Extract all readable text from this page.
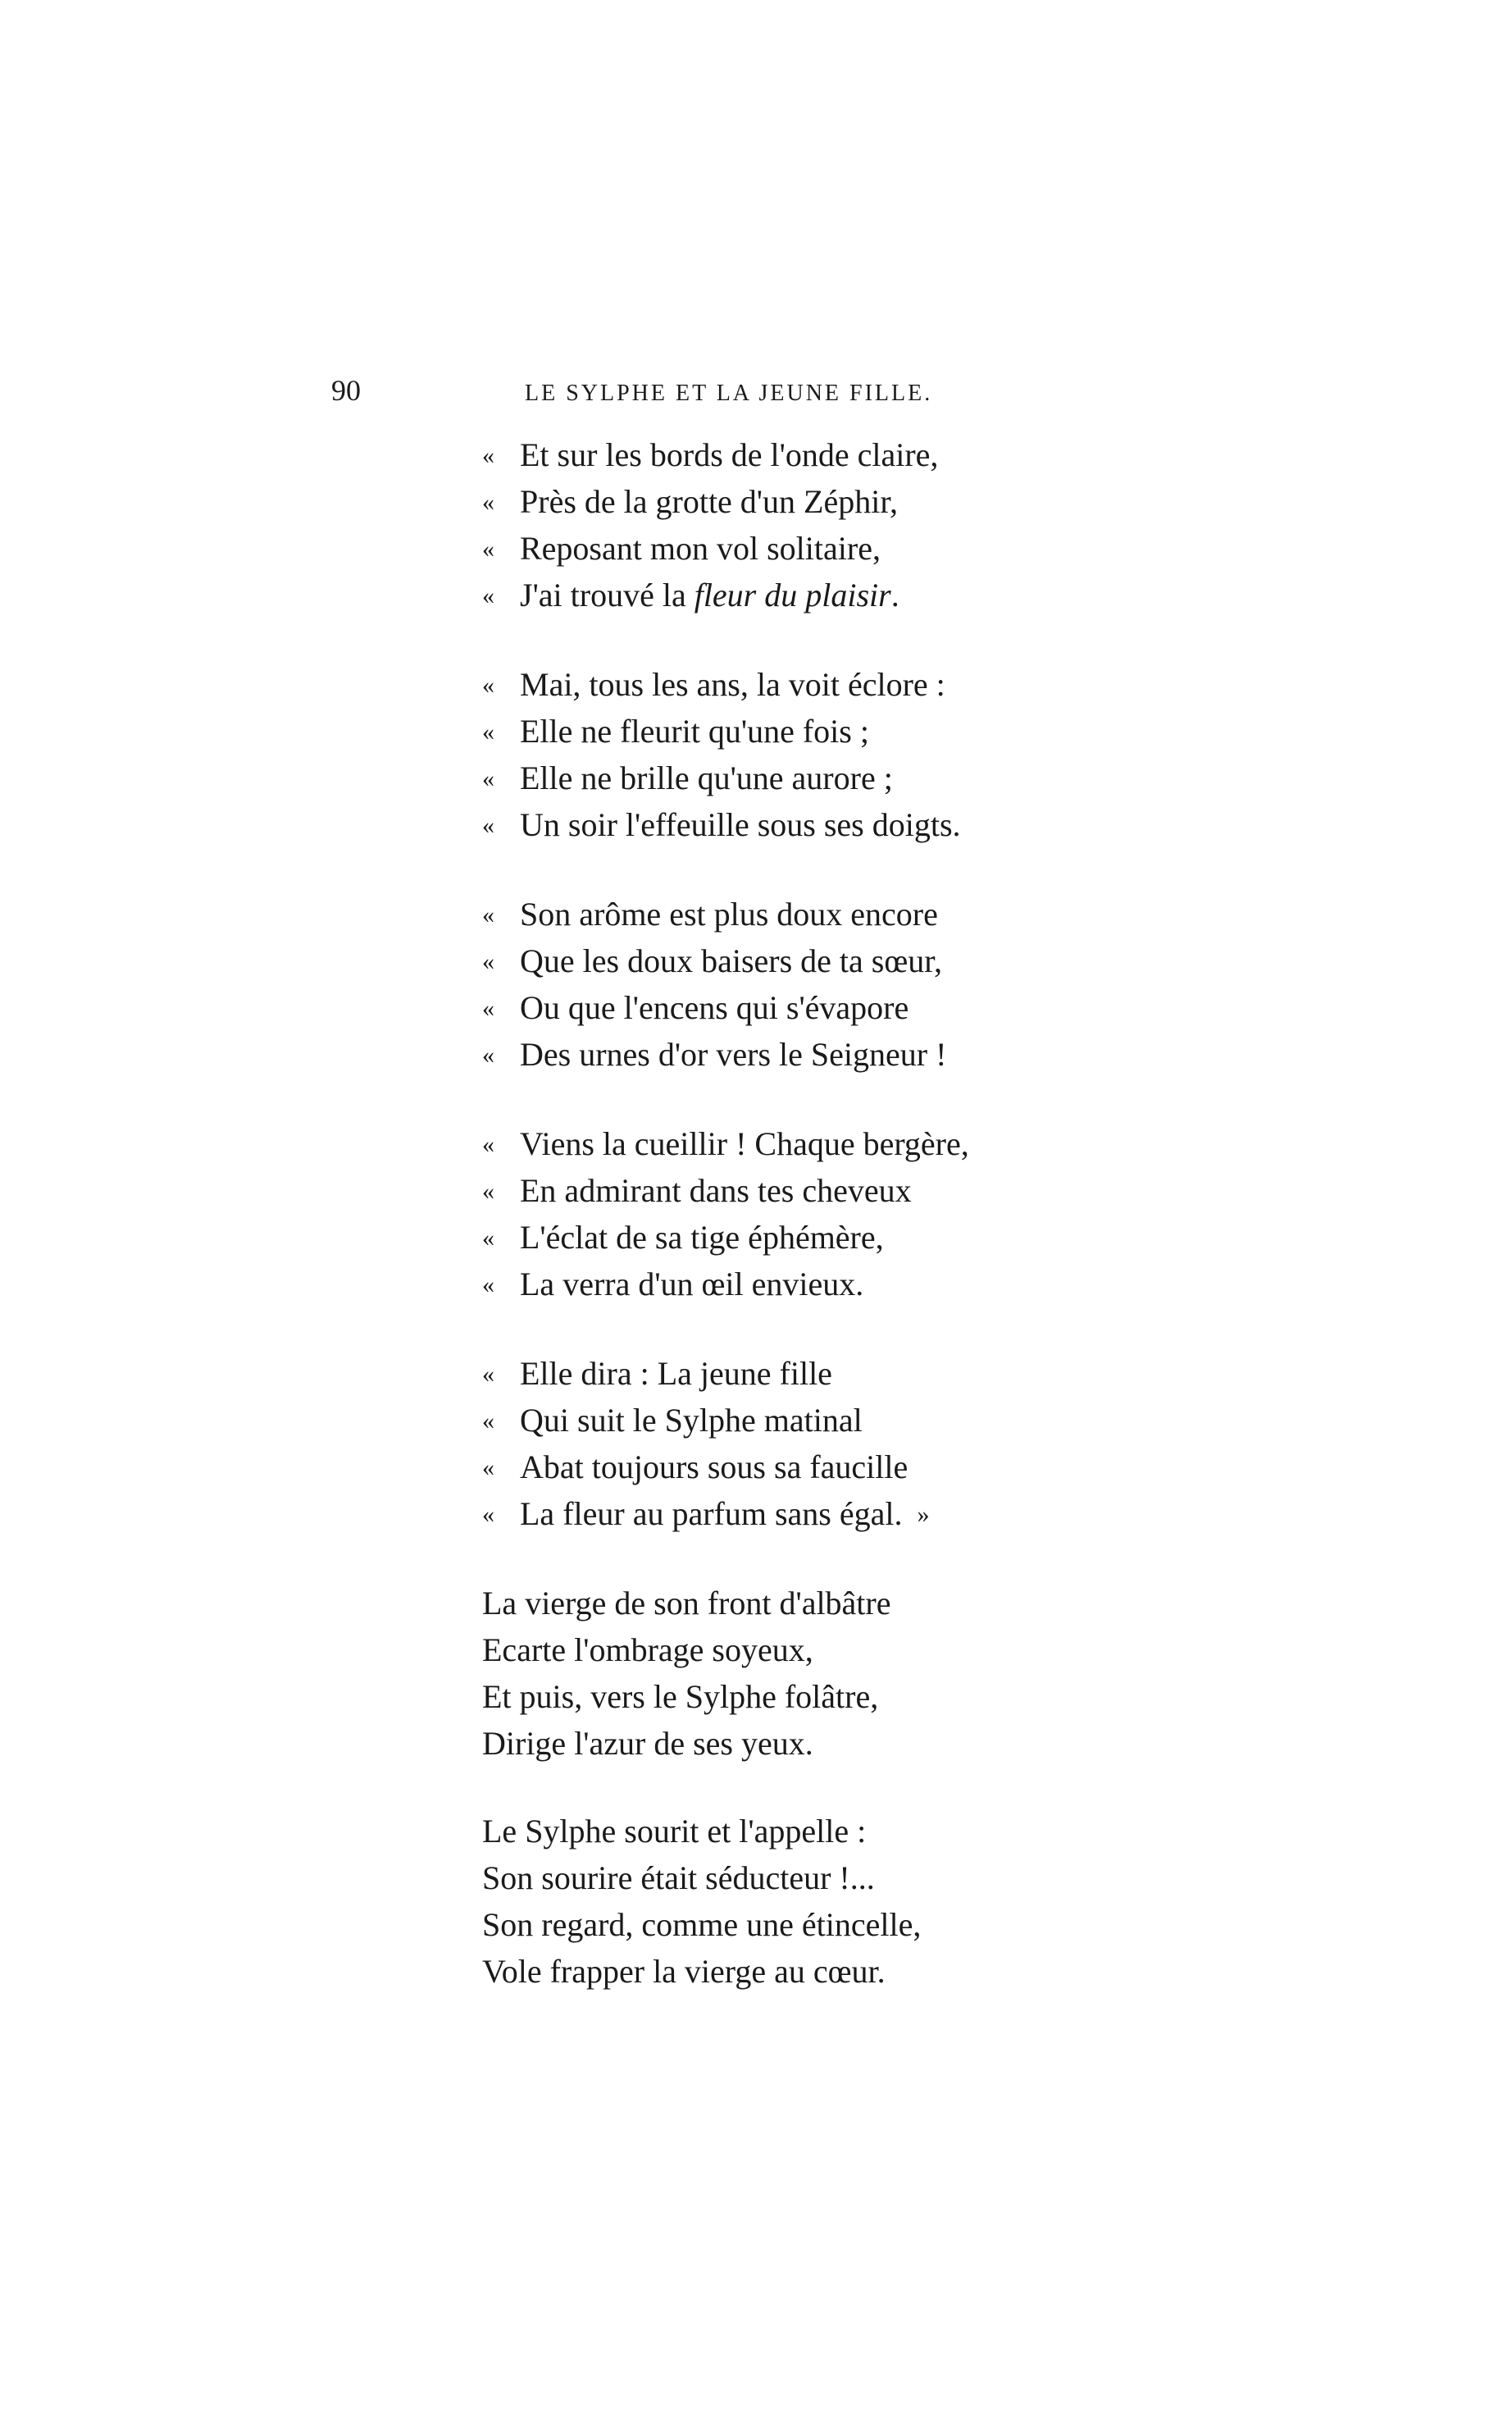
90	LE SYLPHE ET LA JEUNE FILLE.
« Et sur les bords de l'onde claire,
« Près de la grotte d'un Zéphir,
« Reposant mon vol solitaire,
« J'ai trouvé la fleur du plaisir.
« Mai, tous les ans, la voit éclore :
« Elle ne fleurit qu'une fois ;
« Elle ne brille qu'une aurore ;
« Un soir l'effeuille sous ses doigts.
« Son arôme est plus doux encore
« Que les doux baisers de ta sœur,
« Ou que l'encens qui s'évapore
« Des urnes d'or vers le Seigneur !
« Viens la cueillir ! Chaque bergère,
« En admirant dans tes cheveux
« L'éclat de sa tige éphémère,
« La verra d'un œil envieux.
« Elle dira : La jeune fille
« Qui suit le Sylphe matinal
« Abat toujours sous sa faucille
« La fleur au parfum sans égal. »
La vierge de son front d'albâtre
Ecarte l'ombrage soyeux,
Et puis, vers le Sylphe folâtre,
Dirige l'azur de ses yeux.
Le Sylphe sourit et l'appelle :
Son sourire était séducteur !...
Son regard, comme une étincelle,
Vole frapper la vierge au cœur.
